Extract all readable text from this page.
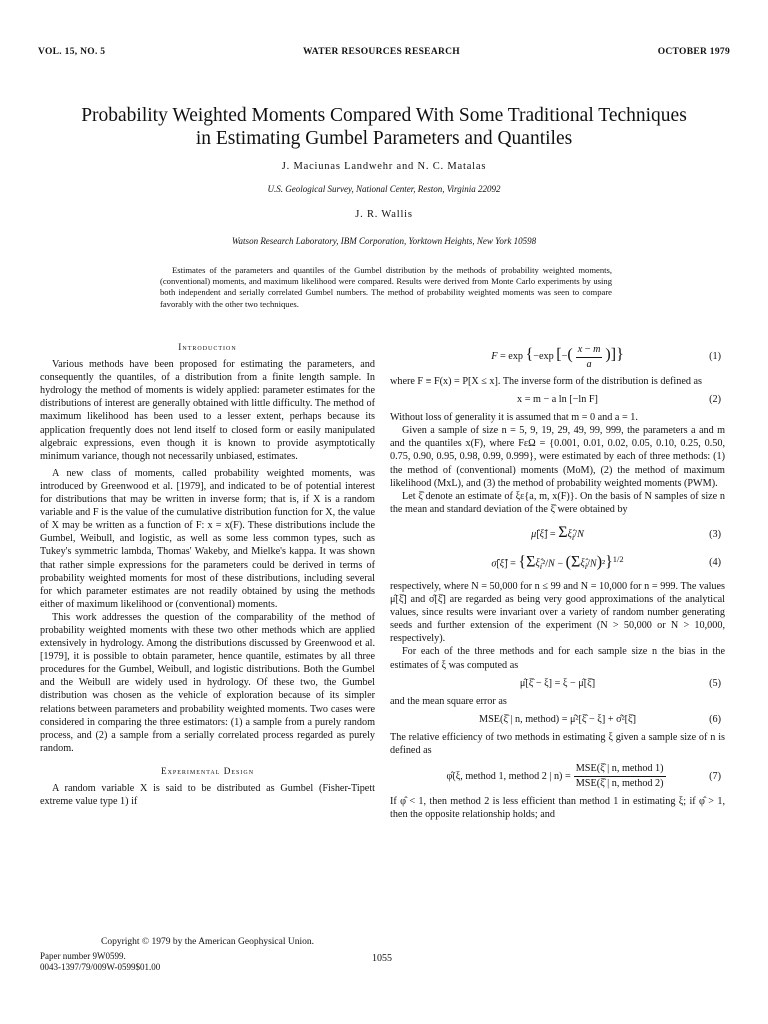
VOL. 15, NO. 5	WATER RESOURCES RESEARCH	OCTOBER 1979
Probability Weighted Moments Compared With Some Traditional Techniques
in Estimating Gumbel Parameters and Quantiles
J. Maciunas Landwehr and N. C. Matalas
U.S. Geological Survey, National Center, Reston, Virginia 22092
J. R. Wallis
Watson Research Laboratory, IBM Corporation, Yorktown Heights, New York 10598
Estimates of the parameters and quantiles of the Gumbel distribution by the methods of probability weighted moments, (conventional) moments, and maximum likelihood were compared. Results were derived from Monte Carlo experiments by using both independent and serially correlated Gumbel numbers. The method of probability weighted moments was seen to compare favorably with the other two techniques.
Introduction

Various methods have been proposed for estimating the parameters, and consequently the quantiles, of a distribution from a finite length sample. In hydrology the method of moments is widely applied: parameter estimates for the distributions of interest are generally obtained with little difficulty. The method of maximum likelihood has been used to a lesser extent, perhaps because its application frequently does not lend itself to closed form or easily manipulated algebraic expressions, even though it is known to provide asymptotically minimum variance, though not necessarily unbiased, estimates.

A new class of moments, called probability weighted moments, was introduced by Greenwood et al. [1979], and indicated to be of potential interest for distributions that may be written in inverse form; that is, if X is a random variable and F is the value of the cumulative distribution function for X, the value of X may be written as a function of F: x = x(F). These distributions include the Gumbel, Weibull, and logistic, as well as some less common types, such as Tukey's symmetric lambda, Thomas' Wakeby, and Mielke's kappa. It was shown that rather simple expressions for the parameters could be derived in terms of probability weighted moments for most of these distributions, including several for which parameter estimates are not readily obtained by using the methods either of maximum likelihood or (conventional) moments.

This work addresses the question of the comparability of the method of probability weighted moments with these two other methods which are applied extensively in hydrology. Among the distributions discussed by Greenwood et al. [1979], it is possible to obtain parameter, hence quantile, estimates by all three procedures for the Gumbel, Weibull, and logistic distributions. Both the Gumbel and the Weibull are widely used in hydrology. Of these two, the Gumbel distribution was chosen as the vehicle of exploration because of its simpler relations between parameters and probability weighted moments. Two cases were considered in comparing the three estimators: (1) a sample from a purely random process, and (2) a sample from a serially correlated process regarded as purely random.

Experimental Design

A random variable X is said to be distributed as Gumbel (Fisher-Tipett extreme value type 1) if

F = exp {−exp [−( $\frac{x - m}{a}$ )]}	(1)

where F ≡ F(x) = P[X ≤ x]. The inverse form of the distribution is defined as

x = m − a ln [−ln F]	(2)

Without loss of generality it is assumed that m = 0 and a = 1.

Given a sample of size n = 5, 9, 19, 29, 49, 99, 999, the parameters a and m and the quantiles x(F), where FεΩ = {0.001, 0.01, 0.02, 0.05, 0.10, 0.25, 0.50, 0.75, 0.90, 0.95, 0.98, 0.99, 0.999}, were estimated by each of three methods: (1) the method of (conventional) moments (MoM), (2) the method of maximum likelihood (MxL), and (3) the method of probability weighted moments (PWM).

Let ξ̂ denote an estimate of ξε{a, m, x(F)}. On the basis of N samples of size n the mean and standard deviation of the ξ̂ were obtained by

μ̂[ξ̂] = $\Sigma\xî_i/N$	(3)
σ̂[ξ̂] = {$\Sigma\xî_i^2/N$ − $(\Sigma\xî_i/N)^2\}^{1/2}$	(4)

respectively, where N = 50,000 for n ≤ 99 and N = 10,000 for n = 999. The values μ̂[ξ̂] and σ̂[ξ̂] are regarded as being very good approximations of the analytical values, since results were invariant over a variety of random number generating seeds and further extension of the experiment (N > 50,000 or N > 10,000, respectively).

For each of the three methods and for each sample size n the bias in the estimates of ξ was computed as

μ̂[ξ̂ − ξ] = ξ − μ̂[ξ̂]	(5)

and the mean square error as

MSE(ξ̂ | n, method) = μ̂²[ξ̂ − ξ] + σ̂²[ξ̂]	(6)

The relative efficiency of two methods in estimating ξ given a sample size of n is defined as

φ̂(ξ, method 1, method 2 | $n) = \frac{\text{MSE(ξ̂ | n, method 1)}}{\text{MSE(ξ̂ | n, method 2)}}$	(7)

If φ̂ < 1, then method 2 is less efficient than method 1 in estimating ξ; if φ̂ > 1, then the opposite relationship holds; and

Copyright © 1979 by the American Geophysical Union.
Paper number 9W0599.
0043-1397/79/009W-0599$01.00
1055
